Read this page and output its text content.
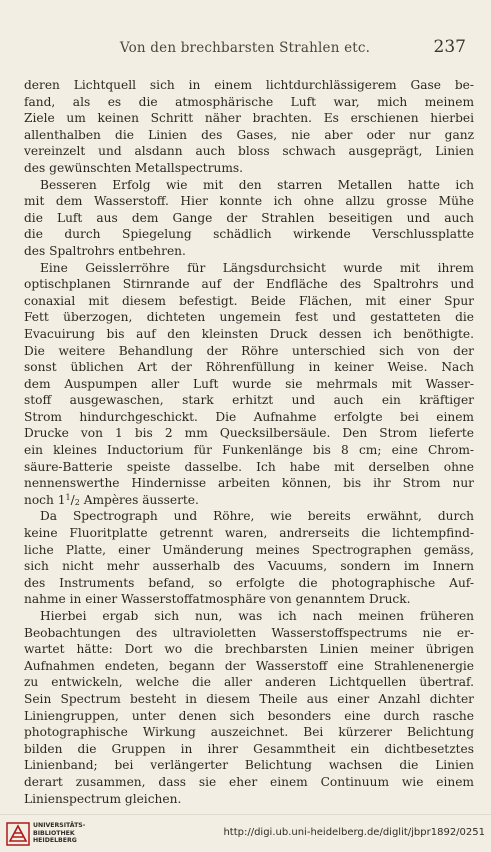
Von den brechbarsten Strahlen etc.	237
deren Lichtquell sich in einem lichtdurchlässigerem Gase be-
fand, als es die atmosphärische Luft war, mich meinem
Ziele um keinen Schritt näher brachten. Es erschienen hierbei
allenthalben die Linien des Gases, nie aber oder nur ganz
vereinzelt und alsdann auch bloss schwach ausgeprägt, Linien
des gewünschten Metallspectrums.
Besseren Erfolg wie mit den starren Metallen hatte ich
mit dem Wasserstoff. Hier konnte ich ohne allzu grosse Mühe
die Luft aus dem Gange der Strahlen beseitigen und auch
die durch Spiegelung schädlich wirkende Verschlussplatte
des Spaltrohrs entbehren.
Eine Geisslerröhre für Längsdurchsicht wurde mit ihrem
optischplanen Stirnrande auf der Endfläche des Spaltrohrs und
conaxial mit diesem befestigt. Beide Flächen, mit einer Spur
Fett überzogen, dichteten ungemein fest und gestatteten die
Evacuirung bis auf den kleinsten Druck dessen ich benöthigte.
Die weitere Behandlung der Röhre unterschied sich von der
sonst üblichen Art der Röhrenfüllung in keiner Weise. Nach
dem Auspumpen aller Luft wurde sie mehrmals mit Wasser-
stoff ausgewaschen, stark erhitzt und auch ein kräftiger
Strom hindurchgeschickt. Die Aufnahme erfolgte bei einem
Drucke von 1 bis 2 mm Quecksilbersäule. Den Strom lieferte
ein kleines Inductorium für Funkenlänge bis 8 cm; eine Chrom-
säure-Batterie speiste dasselbe. Ich habe mit derselben ohne
nennenswerthe Hindernisse arbeiten können, bis ihr Strom nur
noch $1^1/_2$ Ampères äusserte.
Da Spectrograph und Röhre, wie bereits erwähnt, durch
keine Fluoritplatte getrennt waren, andrerseits die lichtempfind-
liche Platte, einer Umänderung meines Spectrographen gemäss,
sich nicht mehr ausserhalb des Vacuums, sondern im Innern
des Instruments befand, so erfolgte die photographische Auf-
nahme in einer Wasserstoffatmosphäre von genanntem Druck.
Hierbei ergab sich nun, was ich nach meinen früheren
Beobachtungen des ultravioletten Wasserstoffspectrums nie er-
wartet hätte: Dort wo die brechbarsten Linien meiner übrigen
Aufnahmen endeten, begann der Wasserstoff eine Strahlenenergie
zu entwickeln, welche die aller anderen Lichtquellen übertraf.
Sein Spectrum besteht in diesem Theile aus einer Anzahl dichter
Liniengruppen, unter denen sich besonders eine durch rasche
photographische Wirkung auszeichnet. Bei kürzerer Belichtung
bilden die Gruppen in ihrer Gesammtheit ein dichtbesetztes
Linienband; bei verlängerter Belichtung wachsen die Linien
derart zusammen, dass sie eher einem Continuum wie einem
Linienspectrum gleichen.
UNIVERSITÄTS-
BIBLIOTHEK
HEIDELBERG
http://digi.ub.uni-heidelberg.de/diglit/jbpr1892/0251
